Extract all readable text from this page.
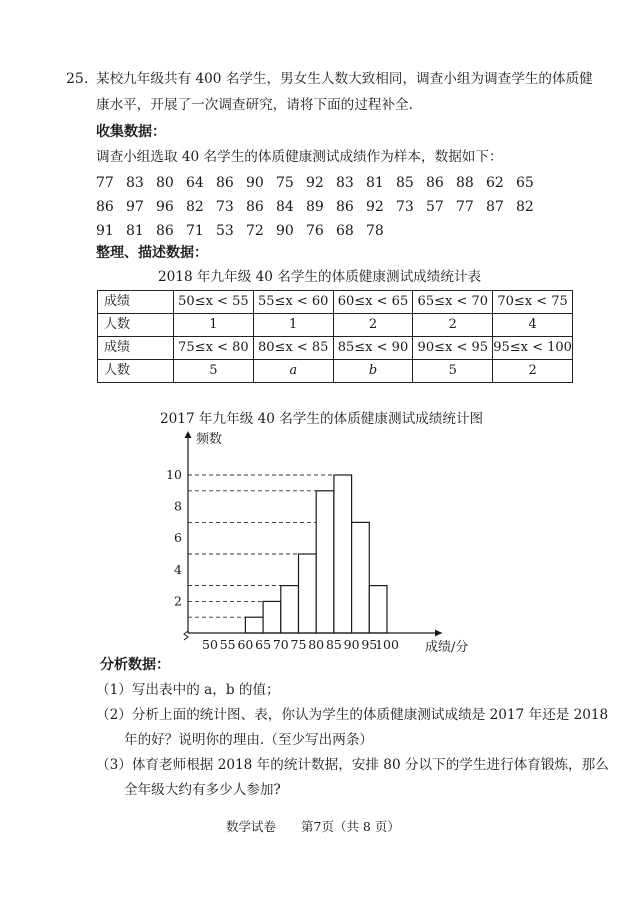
25. 某校九年级共有 400 名学生，男女生人数大致相同，调查小组为调查学生的体质健
康水平，开展了一次调查研究，请将下面的过程补全.
收集数据：
调查小组选取 40 名学生的体质健康测试成绩作为样本，数据如下：
77 83 80 64 86 90 75 92 83 81 85 86 88 62 65
86 97 96 82 73 86 84 89 86 92 73 57 77 87 82
91 81 86 71 53 72 90 76 68 78
整理、描述数据：
2018 年九年级 40 名学生的体质健康测试成绩统计表
成绩	50≤x < 55	55≤x < 60	60≤x < 65	65≤x < 70	70≤x < 75
人数	1	1	2	2	4
成绩	75≤x < 80	80≤x < 85	85≤x < 90	90≤x < 95	95≤x < 100
人数	5	a	b	5	2
2017 年九年级 40 名学生的体质健康测试成绩统计图
50 55 60 65 70 75 80 85 90 95
100
2
4
6
8
10
成绩/分
频数
分析数据：
（1）写出表中的 a，b 的值；
（2）分析上面的统计图、表，你认为学生的体质健康测试成绩是 2017 年还是 2018
年的好？说明你的理由.（至少写出两条）
（3）体育老师根据 2018 年的统计数据，安排 80 分以下的学生进行体育锻炼，那么
全年级大约有多少人参加?
数学试卷　　第7页（共 8 页）
